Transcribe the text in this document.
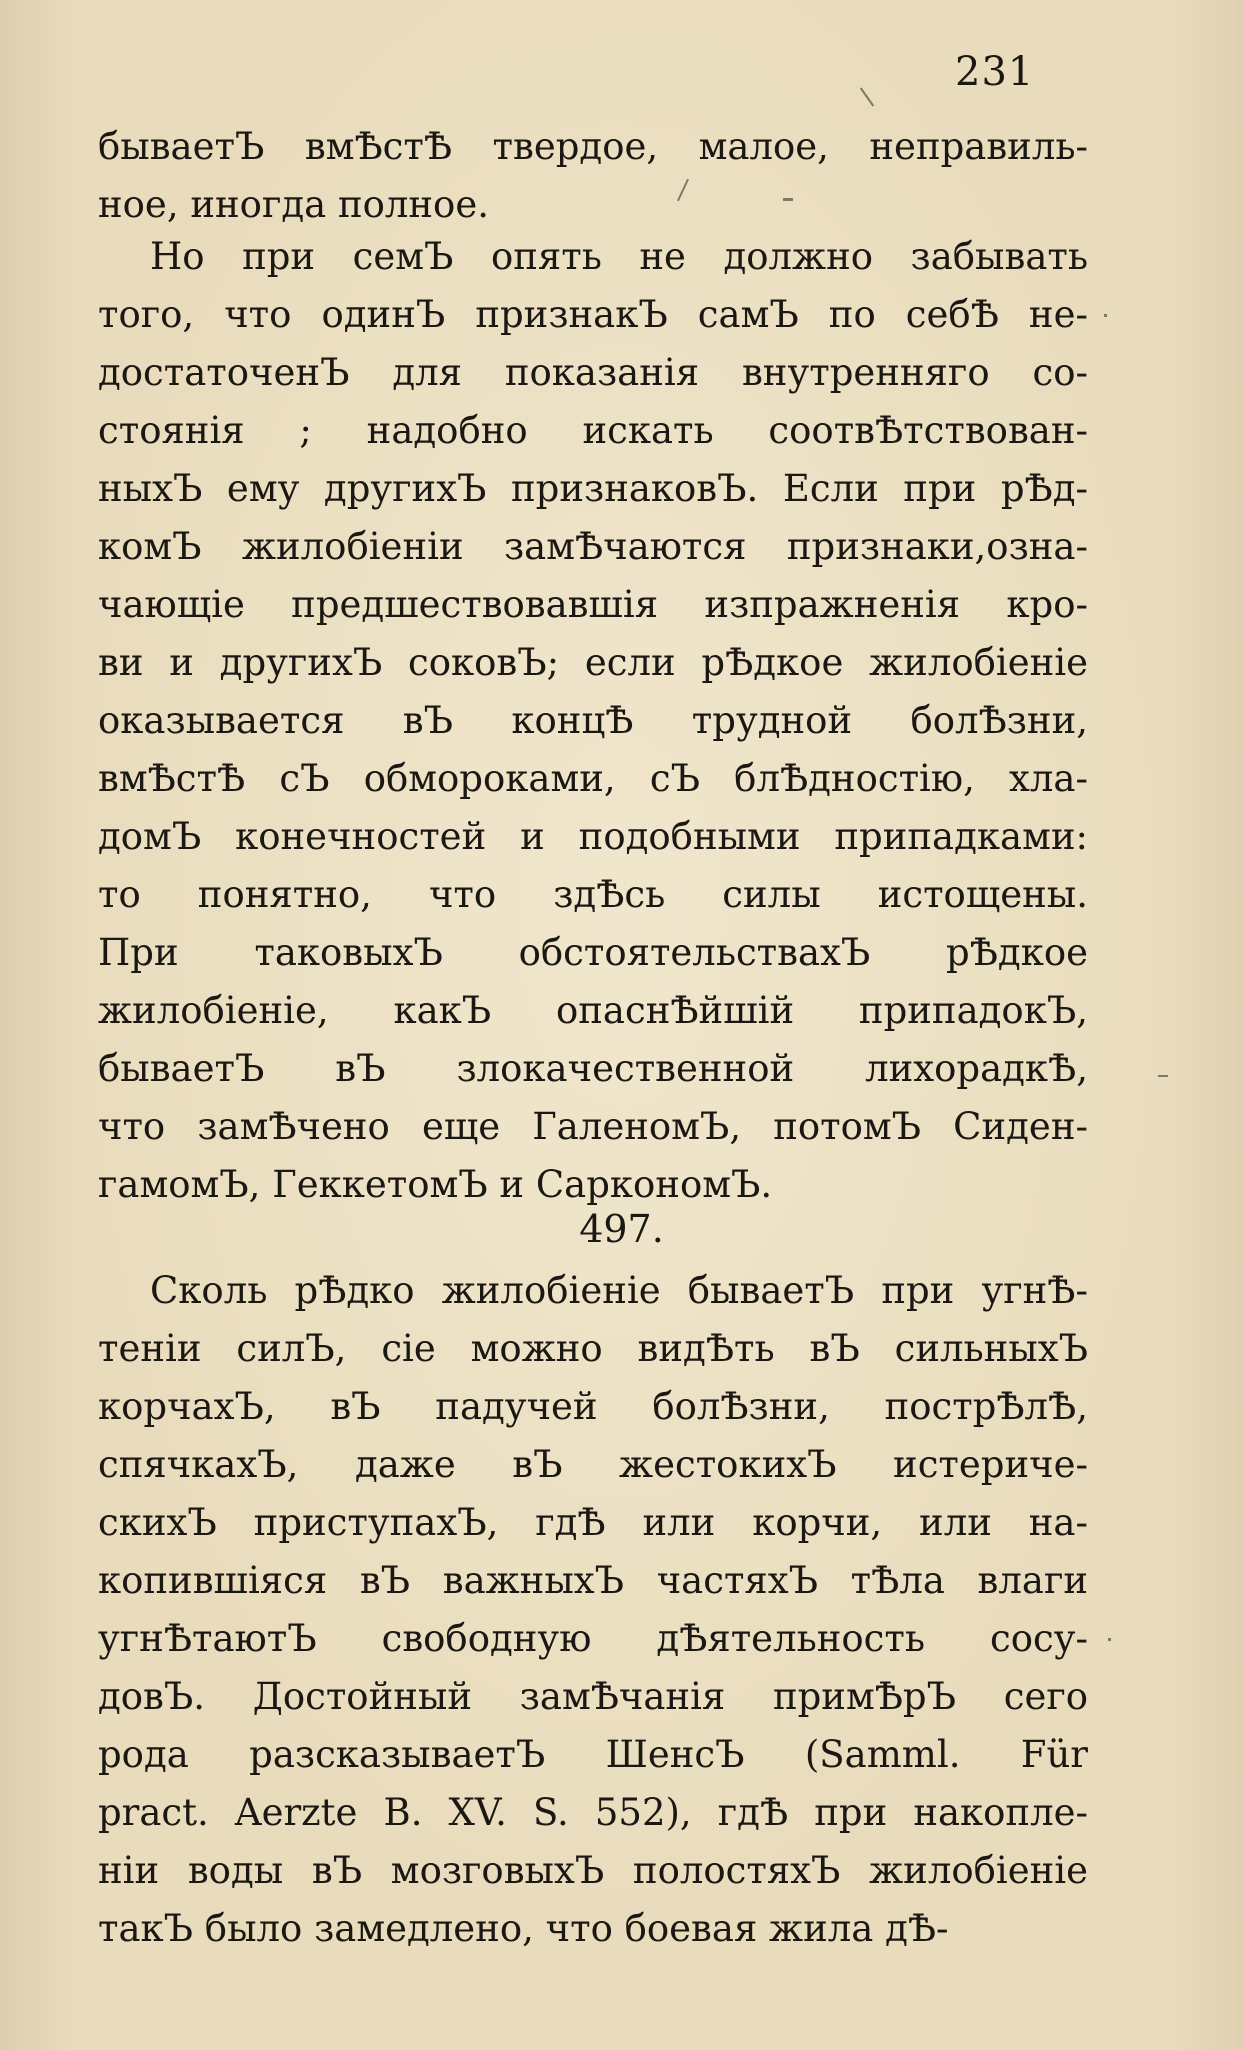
231
бываетЪ вмѢстѢ твердое, малое, неправиль-
ное, иногда полное.
Но при семЪ опять не должно забывать
того, что одинЪ признакЪ самЪ по себѢ не-
достаточенЪ для показанія внутренняго со-
стоянія ; надобно искать соотвѢтствован-
ныхЪ ему другихЪ признаковЪ. Если при рѢд-
комЪ жилобіеніи замѢчаются признаки,озна-
чающіе предшествовавшія изпражненія кро-
ви и другихЪ соковЪ; если рѢдкое жилобіеніе
оказывается вЪ концѢ трудной болѢзни,
вмѢстѢ сЪ обмороками, сЪ блѢдностію, хла-
домЪ конечностей и подобными припадками:
то понятно, что здѢсь силы истощены.
При таковыхЪ обстоятельствахЪ рѢдкое
жилобіеніе, какЪ опаснѢйшій припадокЪ,
бываетЪ вЪ злокачественной лихорадкѢ,
что замѢчено еще ГаленомЪ, потомЪ Сиден-
гамомЪ, ГеккетомЪ и СаркономЪ.
497.
Сколь рѢдко жилобіеніе бываетЪ при угнѢ-
теніи силЪ, сіе можно видѢть вЪ сильныхЪ
корчахЪ, вЪ падучей болѢзни, пострѢлѢ,
спячкахЪ, даже вЪ жестокихЪ истериче-
скихЪ приступахЪ, гдѢ или корчи, или на-
копившіяся вЪ важныхЪ частяхЪ тѢла влаги
угнѢтаютЪ свободную дѢятельность сосу-
довЪ. Достойный замѢчанія примѢрЪ сего
рода разсказываетЪ ШенсЪ (Samml. Für
pract. Aerzte B. XV. S. 552), гдѢ при накопле-
ніи воды вЪ мозговыхЪ полостяхЪ жилобіеніе
такЪ было замедлено, что боевая жила дѢ-
